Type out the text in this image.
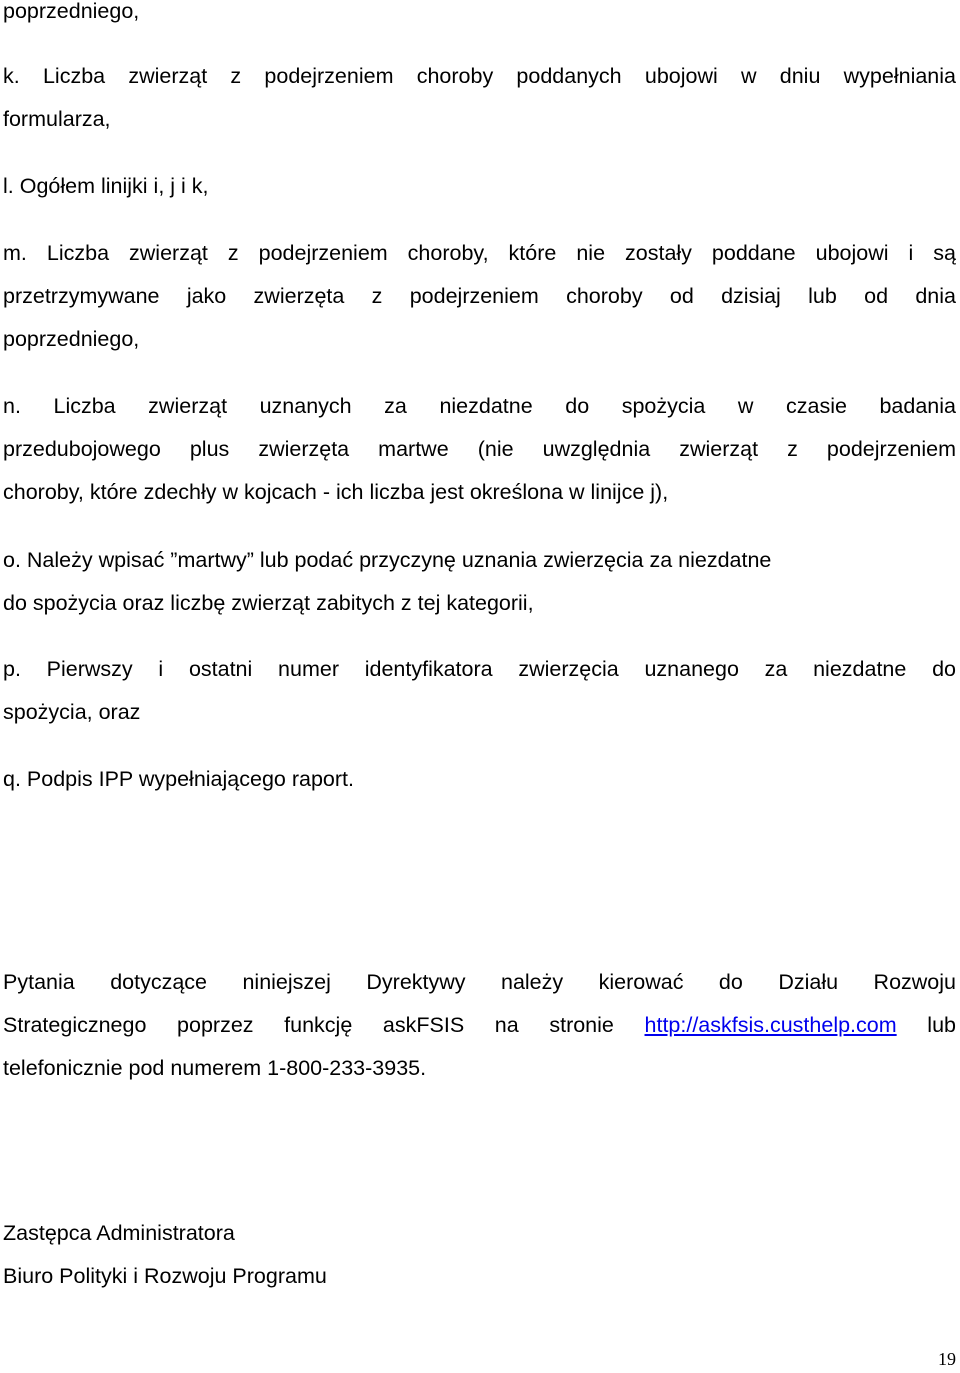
poprzedniego,
k. Liczba zwierząt z podejrzeniem choroby poddanych ubojowi w dniu wypełniania
formularza,
l. Ogółem linijki i, j i k,
m. Liczba zwierząt z podejrzeniem choroby, które nie zostały poddane ubojowi i są
przetrzymywane jako zwierzęta z podejrzeniem choroby od dzisiaj lub od dnia
poprzedniego,
n. Liczba zwierząt uznanych za niezdatne do spożycia w czasie badania
przedubojowego plus zwierzęta martwe (nie uwzględnia zwierząt z podejrzeniem
choroby, które zdechły w kojcach - ich liczba jest określona w linijce j),
o. Należy wpisać ”martwy” lub podać przyczynę uznania zwierzęcia za niezdatne
do spożycia oraz liczbę zwierząt zabitych z tej kategorii,
p. Pierwszy i ostatni numer identyfikatora zwierzęcia uznanego za niezdatne do
spożycia, oraz
q. Podpis IPP wypełniającego raport.
Pytania dotyczące niniejszej Dyrektywy należy kierować do Działu Rozwoju
Strategicznego poprzez funkcję askFSIS na stronie http://askfsis.custhelp.com lub
telefonicznie pod numerem 1-800-233-3935.
Zastępca Administratora
Biuro Polityki i Rozwoju Programu
19
